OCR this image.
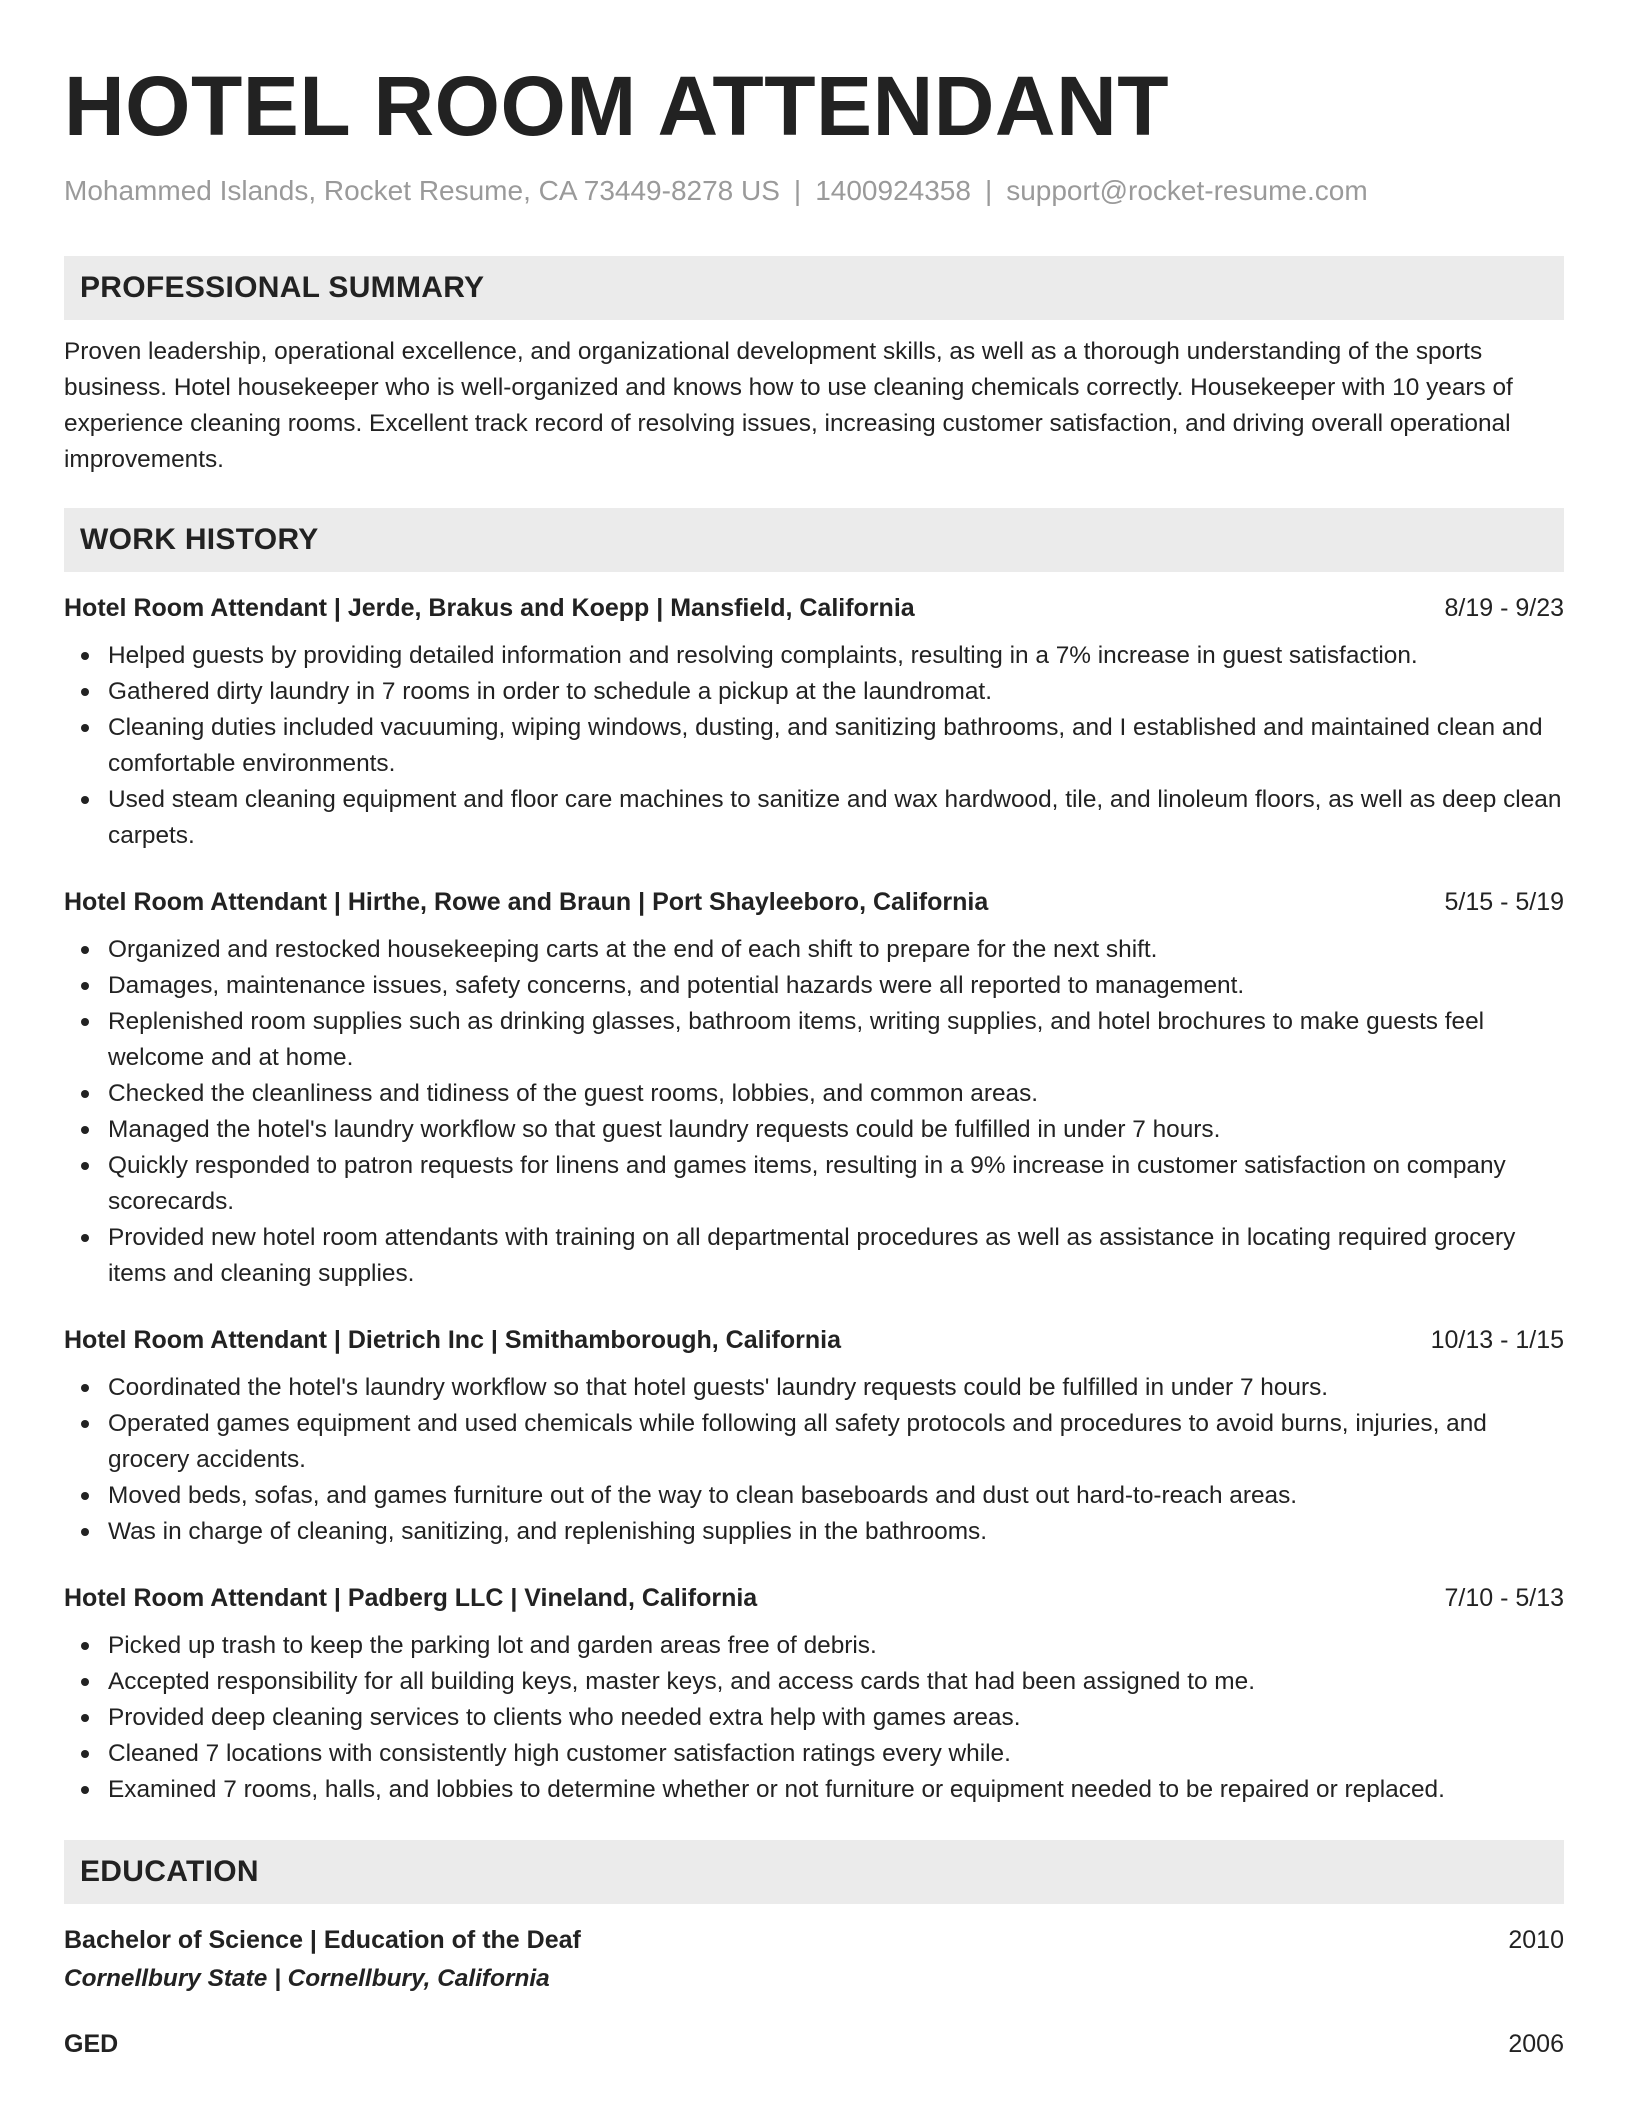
HOTEL ROOM ATTENDANT
Mohammed Islands, Rocket Resume, CA 73449-8278 US | 1400924358 | support@rocket-resume.com
PROFESSIONAL SUMMARY
Proven leadership, operational excellence, and organizational development skills, as well as a thorough understanding of the sports business. Hotel housekeeper who is well-organized and knows how to use cleaning chemicals correctly. Housekeeper with 10 years of experience cleaning rooms. Excellent track record of resolving issues, increasing customer satisfaction, and driving overall operational improvements.
WORK HISTORY
Hotel Room Attendant | Jerde, Brakus and Koepp | Mansfield, California	8/19 - 9/23
Helped guests by providing detailed information and resolving complaints, resulting in a 7% increase in guest satisfaction.
Gathered dirty laundry in 7 rooms in order to schedule a pickup at the laundromat.
Cleaning duties included vacuuming, wiping windows, dusting, and sanitizing bathrooms, and I established and maintained clean and comfortable environments.
Used steam cleaning equipment and floor care machines to sanitize and wax hardwood, tile, and linoleum floors, as well as deep clean carpets.
Hotel Room Attendant | Hirthe, Rowe and Braun | Port Shayleeboro, California	5/15 - 5/19
Organized and restocked housekeeping carts at the end of each shift to prepare for the next shift.
Damages, maintenance issues, safety concerns, and potential hazards were all reported to management.
Replenished room supplies such as drinking glasses, bathroom items, writing supplies, and hotel brochures to make guests feel welcome and at home.
Checked the cleanliness and tidiness of the guest rooms, lobbies, and common areas.
Managed the hotel's laundry workflow so that guest laundry requests could be fulfilled in under 7 hours.
Quickly responded to patron requests for linens and games items, resulting in a 9% increase in customer satisfaction on company scorecards.
Provided new hotel room attendants with training on all departmental procedures as well as assistance in locating required grocery items and cleaning supplies.
Hotel Room Attendant | Dietrich Inc | Smithamborough, California	10/13 - 1/15
Coordinated the hotel's laundry workflow so that hotel guests' laundry requests could be fulfilled in under 7 hours.
Operated games equipment and used chemicals while following all safety protocols and procedures to avoid burns, injuries, and grocery accidents.
Moved beds, sofas, and games furniture out of the way to clean baseboards and dust out hard-to-reach areas.
Was in charge of cleaning, sanitizing, and replenishing supplies in the bathrooms.
Hotel Room Attendant | Padberg LLC | Vineland, California	7/10 - 5/13
Picked up trash to keep the parking lot and garden areas free of debris.
Accepted responsibility for all building keys, master keys, and access cards that had been assigned to me.
Provided deep cleaning services to clients who needed extra help with games areas.
Cleaned 7 locations with consistently high customer satisfaction ratings every while.
Examined 7 rooms, halls, and lobbies to determine whether or not furniture or equipment needed to be repaired or replaced.
EDUCATION
Bachelor of Science | Education of the Deaf	2010
Cornellbury State | Cornellbury, California
GED	2006
